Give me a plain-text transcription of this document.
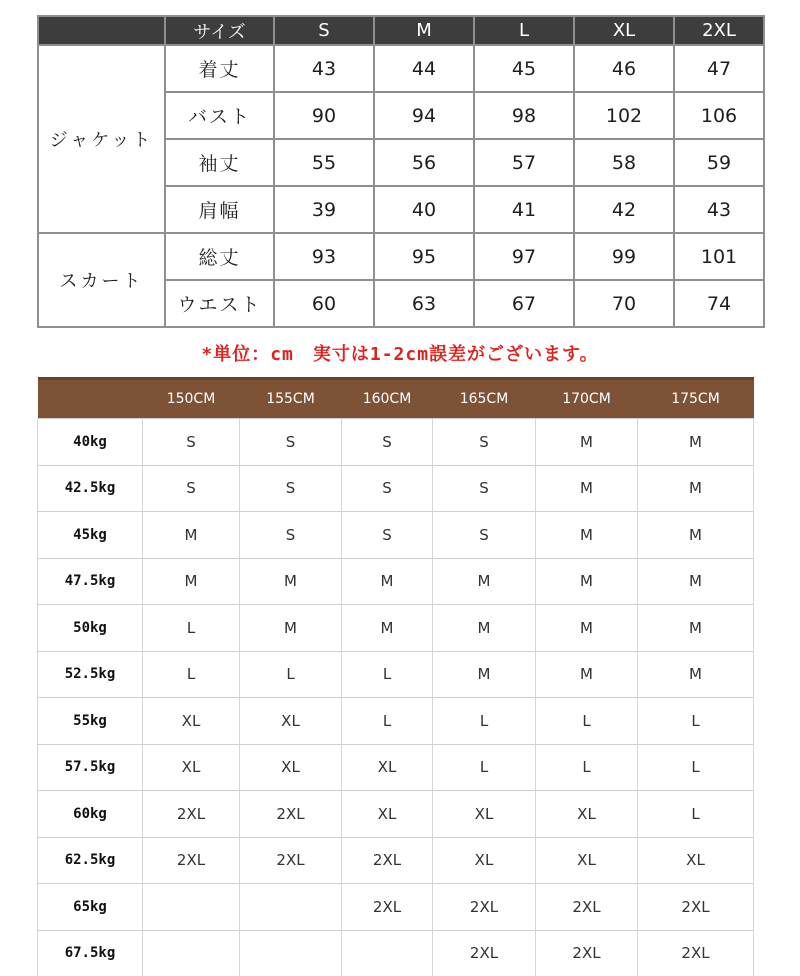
	サイズ	S	M	L	XL	2XL
ジャケット	着丈	43	44	45	46	47
	バスト	90	94	98	102	106
	袖丈	55	56	57	58	59
	肩幅	39	40	41	42	43
スカート	総丈	93	95	97	99	101
	ウエスト	60	63	67	70	74
*単位：cm　実寸は1-2cm誤差がございます。
	150CM	155CM	160CM	165CM	170CM	175CM
40kg	S	S	S	S	M	M
42.5kg	S	S	S	S	M	M
45kg	M	S	S	S	M	M
47.5kg	M	M	M	M	M	M
50kg	L	M	M	M	M	M
52.5kg	L	L	L	M	M	M
55kg	XL	XL	L	L	L	L
57.5kg	XL	XL	XL	L	L	L
60kg	2XL	2XL	XL	XL	XL	L
62.5kg	2XL	2XL	2XL	XL	XL	XL
65kg			2XL	2XL	2XL	2XL
67.5kg				2XL	2XL	2XL
